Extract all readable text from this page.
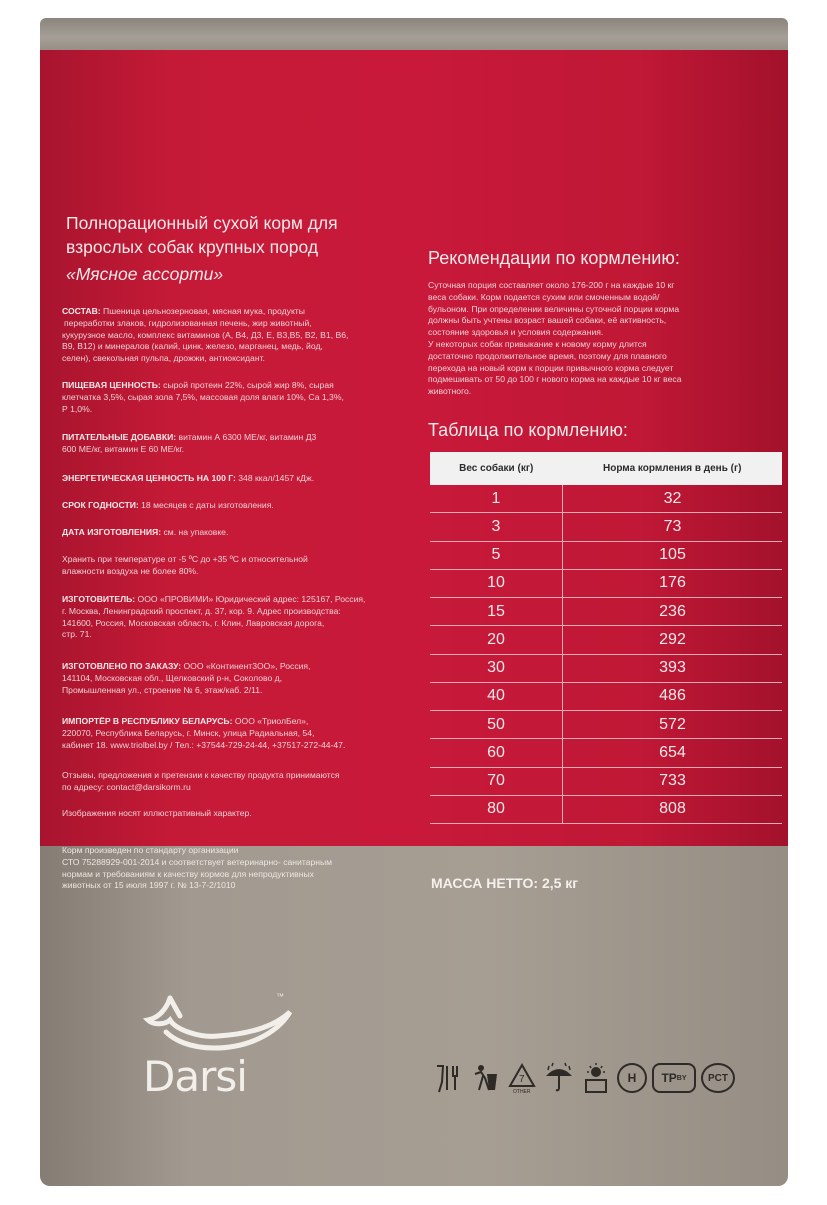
Полнорационный сухой корм для
взрослых собак крупных пород
«Мясное ассорти»
СОСТАВ: Пшеница цельнозерновая, мясная мука, продукты
переработки злаков, гидролизованная печень, жир животный,
кукурузное масло, комплекс витаминов (А, В4, Д3, Е, В3,В5, В2, В1, В6,
В9, В12) и минералов (калий, цинк, железо, марганец, медь, йод,
селен), свекольная пульпа, дрожжи, антиоксидант.
ПИЩЕВАЯ ЦЕННОСТЬ: сырой протеин 22%, сырой жир 8%, сырая
клетчатка 3,5%, сырая зола 7,5%, массовая доля влаги 10%, Са 1,3%,
Р 1,0%.
ПИТАТЕЛЬНЫЕ ДОБАВКИ: витамин А 6300 МЕ/кг, витамин Д3
600 МЕ/кг, витамин Е 60 МЕ/кг.
ЭНЕРГЕТИЧЕСКАЯ ЦЕННОСТЬ НА 100 Г: 348 ккал/1457 кДж.
СРОК ГОДНОСТИ: 18 месяцев с даты изготовления.
ДАТА ИЗГОТОВЛЕНИЯ: см. на упаковке.
Хранить при температуре от -5 ºС до +35 ºС и относительной
влажности воздуха не более 80%.
ИЗГОТОВИТЕЛЬ: ООО «ПРОВИМИ» Юридический адрес: 125167, Россия,
г. Москва, Ленинградский проспект, д. 37, кор. 9. Адрес производства:
141600, Россия, Московская область, г. Клин, Лавровская дорога,
стр. 71.
ИЗГОТОВЛЕНО ПО ЗАКАЗУ: ООО «Континент3ОО», Россия,
141104, Московская обл., Щелковский р-н, Соколово д,
Промышленная ул., строение № 6, этаж/каб. 2/11.
ИМПОРТЁР В РЕСПУБЛИКУ БЕЛАРУСЬ: ООО «ТриолБел»,
220070, Республика Беларусь, г. Минск, улица Радиальная, 54,
кабинет 18. www.triolbel.by / Тел.: +37544-729-24-44, +37517-272-44-47.
Отзывы, предложения и претензии к качеству продукта принимаются
по адресу: contact@darsikorm.ru
Изображения носят иллюстративный характер.
Рекомендации по кормлению:
Суточная порция составляет около 176-200 г на каждые 10 кг
веса собаки. Корм подается сухим или смоченным водой/
бульоном. При определении величины суточной порции корма
должны быть учтены возраст вашей собаки, её активность,
состояние здоровья и условия содержания.
У некоторых собак привыкание к новому корму длится
достаточно продолжительное время, поэтому для плавного
перехода на новый корм к порции привычного корма следует
подмешивать от 50 до 100 г нового корма на каждые 10 кг веса
животного.
Таблица по кормлению:
Вес собаки (кг)	Норма кормления в день (г)
1	32
3	73
5	105
10	176
15	236
20	292
30	393
40	486
50	572
60	654
70	733
80	808
Корм произведен по стандарту организации
СТО 75288929-001-2014 и соответствует ветеринарно- санитарным
нормам и требованиям к качеству кормов для непродуктивных
животных от 15 июля 1997 г. № 13-7-2/1010	МАССА НЕТТО: 2,5 кг
Darsi
™
7
OTHER
H	TP BY PCT
